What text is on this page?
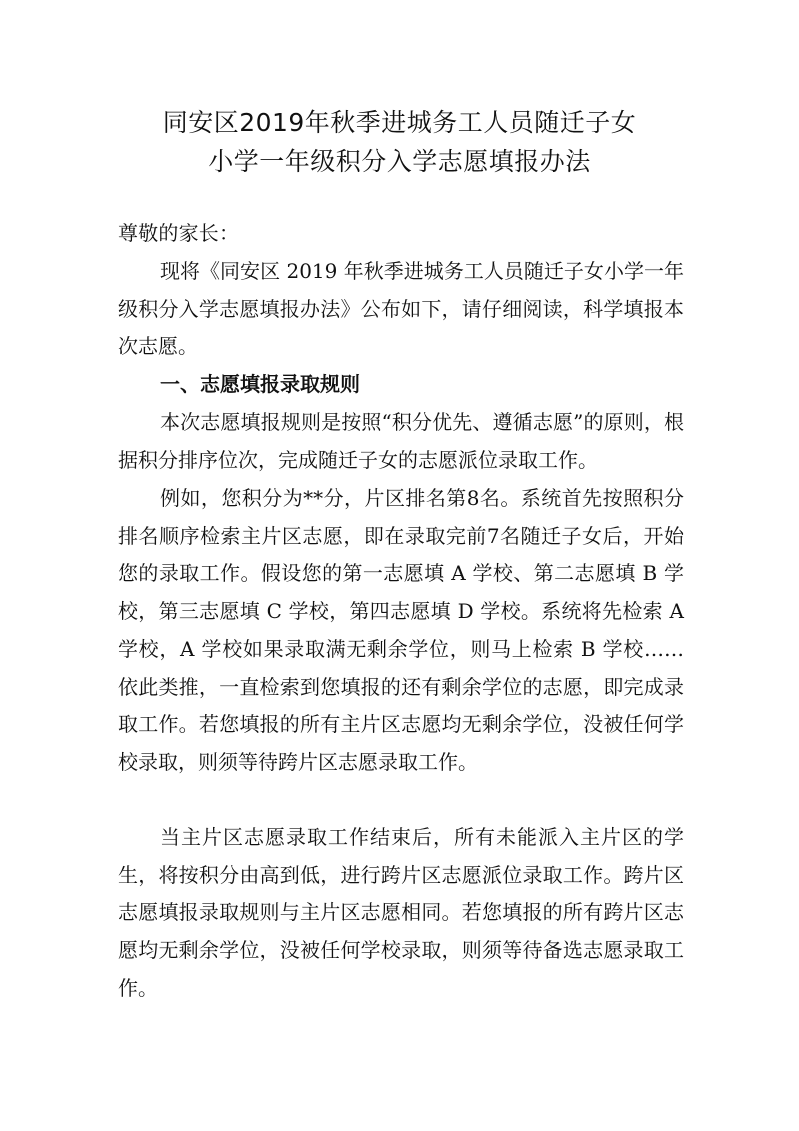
同安区2019年秋季进城务工人员随迁子女
小学一年级积分入学志愿填报办法
尊敬的家长：
现将《同安区 2019 年秋季进城务工人员随迁子女小学一年级积分入学志愿填报办法》公布如下，请仔细阅读，科学填报本次志愿。
一、志愿填报录取规则
本次志愿填报规则是按照“积分优先、遵循志愿”的原则，根据积分排序位次，完成随迁子女的志愿派位录取工作。
例如，您积分为**分，片区排名第8名。系统首先按照积分排名顺序检索主片区志愿，即在录取完前7名随迁子女后，开始您的录取工作。假设您的第一志愿填 A 学校、第二志愿填 B 学校，第三志愿填 C 学校，第四志愿填 D 学校。系统将先检索 A 学校，A 学校如果录取满无剩余学位，则马上检索 B 学校……依此类推，一直检索到您填报的还有剩余学位的志愿，即完成录取工作。若您填报的所有主片区志愿均无剩余学位，没被任何学校录取，则须等待跨片区志愿录取工作。
当主片区志愿录取工作结束后，所有未能派入主片区的学生，将按积分由高到低，进行跨片区志愿派位录取工作。跨片区志愿填报录取规则与主片区志愿相同。若您填报的所有跨片区志愿均无剩余学位，没被任何学校录取，则须等待备选志愿录取工作。
